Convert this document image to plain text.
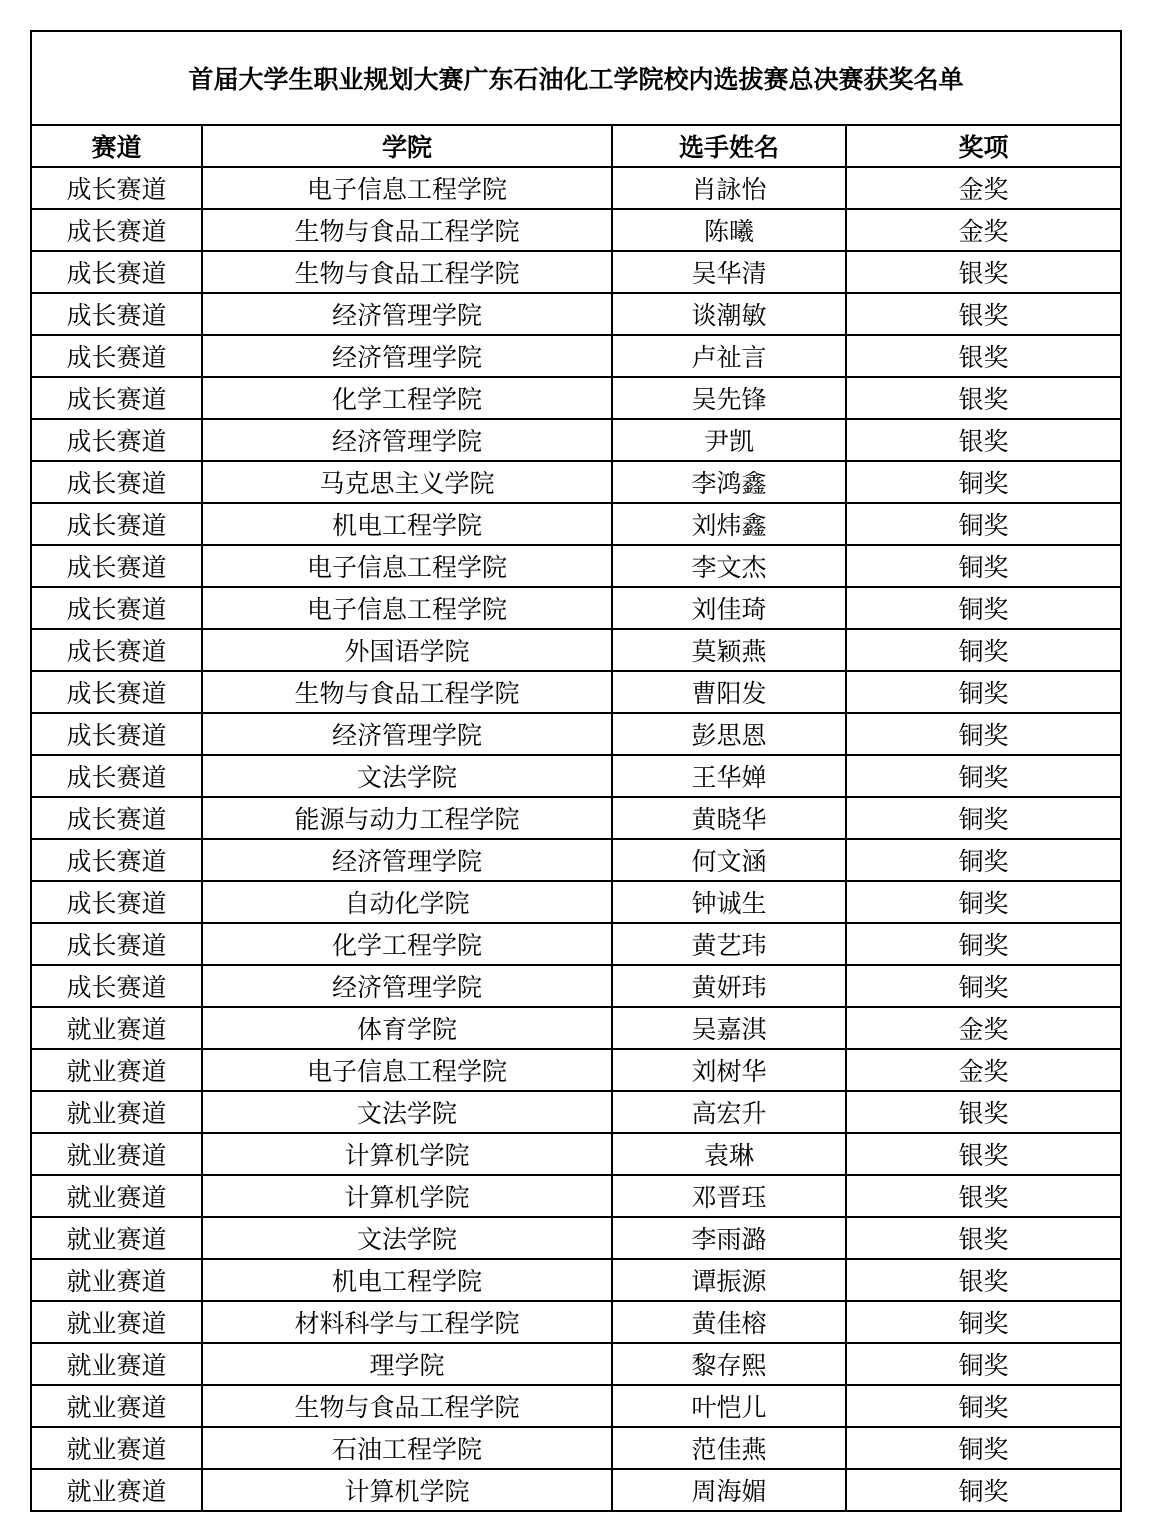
首届大学生职业规划大赛广东石油化工学院校内选拔赛总决赛获奖名单			
赛道	学院	选手姓名	奖项
成长赛道	电子信息工程学院	肖詠怡	金奖
成长赛道	生物与食品工程学院	陈曦	金奖
成长赛道	生物与食品工程学院	吴华清	银奖
成长赛道	经济管理学院	谈潮敏	银奖
成长赛道	经济管理学院	卢祉言	银奖
成长赛道	化学工程学院	吴先锋	银奖
成长赛道	经济管理学院	尹凯	银奖
成长赛道	马克思主义学院	李鸿鑫	铜奖
成长赛道	机电工程学院	刘炜鑫	铜奖
成长赛道	电子信息工程学院	李文杰	铜奖
成长赛道	电子信息工程学院	刘佳琦	铜奖
成长赛道	外国语学院	莫颖燕	铜奖
成长赛道	生物与食品工程学院	曹阳发	铜奖
成长赛道	经济管理学院	彭思恩	铜奖
成长赛道	文法学院	王华婵	铜奖
成长赛道	能源与动力工程学院	黄晓华	铜奖
成长赛道	经济管理学院	何文涵	铜奖
成长赛道	自动化学院	钟诚生	铜奖
成长赛道	化学工程学院	黄艺玮	铜奖
成长赛道	经济管理学院	黄妍玮	铜奖
就业赛道	体育学院	吴嘉淇	金奖
就业赛道	电子信息工程学院	刘树华	金奖
就业赛道	文法学院	高宏升	银奖
就业赛道	计算机学院	袁琳	银奖
就业赛道	计算机学院	邓晋珏	银奖
就业赛道	文法学院	李雨潞	银奖
就业赛道	机电工程学院	谭振源	银奖
就业赛道	材料科学与工程学院	黄佳榕	铜奖
就业赛道	理学院	黎存熙	铜奖
就业赛道	生物与食品工程学院	叶恺儿	铜奖
就业赛道	石油工程学院	范佳燕	铜奖
就业赛道	计算机学院	周海媚	铜奖
